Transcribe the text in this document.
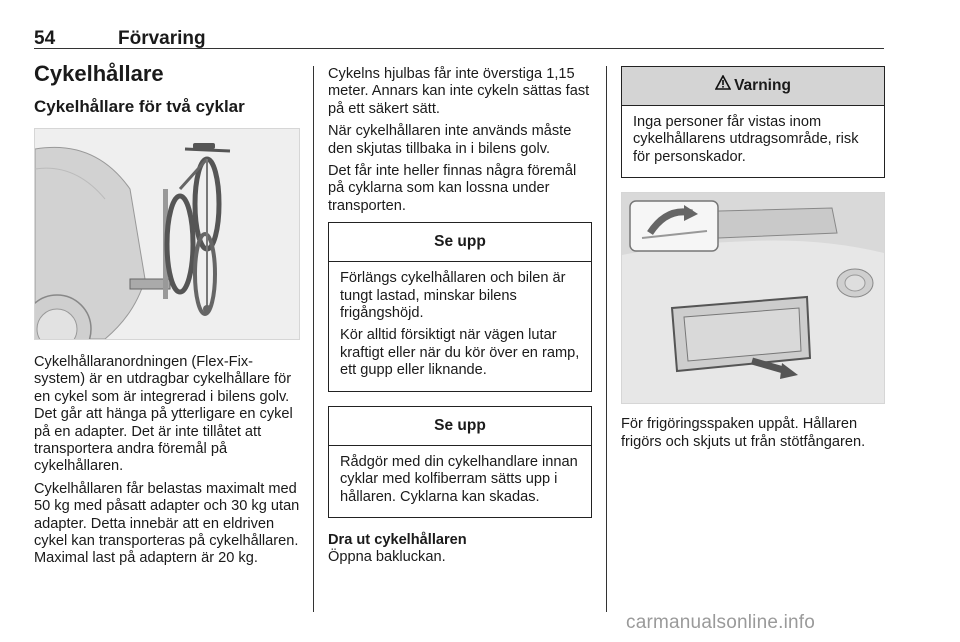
54	Förvaring
Cykelhållare
Cykelhållare för två cyklar

Cykelhållaranordningen (Flex-Fix-system) är en utdragbar cykelhållare för en cykel som är integrerad i bilens golv. Det går att hänga på ytterligare en cykel på en adapter. Det är inte tillåtet att transportera andra föremål på cykelhållaren.

Cykelhållaren får belastas maximalt med 50 kg med påsatt adapter och 30 kg utan adapter. Detta innebär att en eldriven cykel kan transporteras på cykelhållaren. Maximal last på adaptern är 20 kg.

Cykelns hjulbas får inte överstiga 1,15 meter. Annars kan inte cykeln sättas fast på ett säkert sätt.

När cykelhållaren inte används måste den skjutas tillbaka in i bilens golv.

Det får inte heller finnas några föremål på cyklarna som kan lossna under transporten.

Se upp

Förlängs cykelhållaren och bilen är tungt lastad, minskar bilens frigångshöjd.

Kör alltid försiktigt när vägen lutar kraftigt eller när du kör över en ramp, ett gupp eller liknande.

Se upp

Rådgör med din cykelhandlare innan cyklar med kolfiberram sätts upp i hållaren. Cyklarna kan skadas.

Dra ut cykelhållaren

Öppna bakluckan.

Varning

Inga personer får vistas inom cykelhållarens utdragsområde, risk för personskador.

För frigöringsspaken uppåt. Hållaren frigörs och skjuts ut från stötfångaren.

carmanualsonline.info
